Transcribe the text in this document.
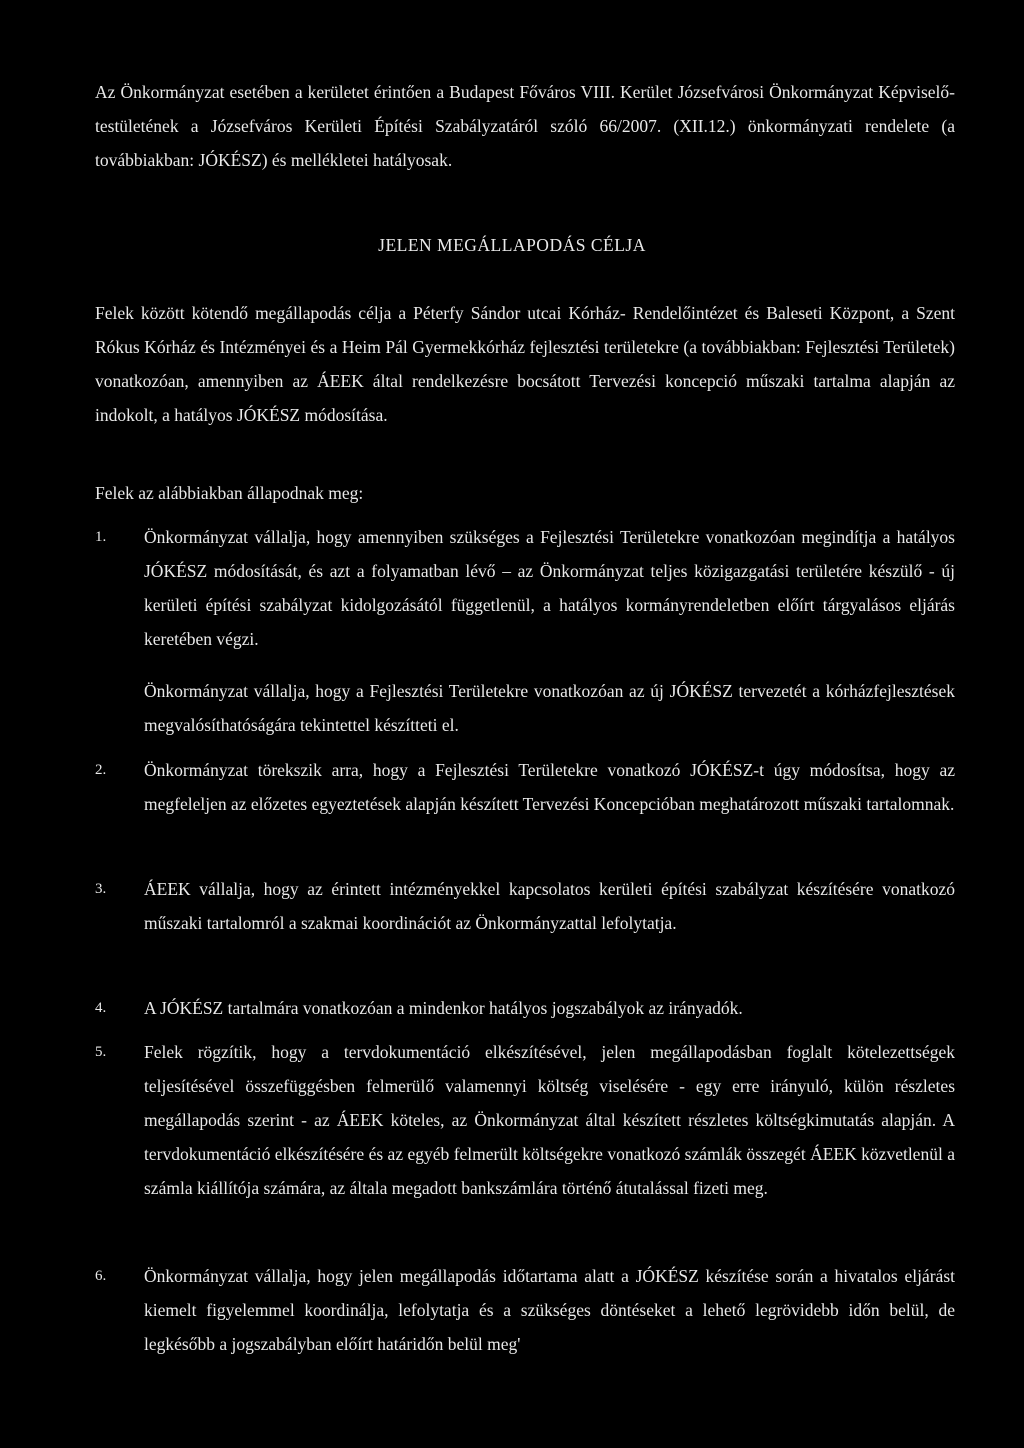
Az Önkormányzat esetében a kerületet érintően a Budapest Főváros VIII. Kerület Józsefvárosi Önkormányzat Képviselő-testületének a Józsefváros Kerületi Építési Szabályzatáról szóló 66/2007. (XII.12.) önkormányzati rendelete (a továbbiakban: JÓKÉSZ) és mellékletei hatályosak.

JELEN MEGÁLLAPODÁS CÉLJA

Felek között kötendő megállapodás célja a Péterfy Sándor utcai Kórház- Rendelőintézet és Baleseti Központ, a Szent Rókus Kórház és Intézményei és a Heim Pál Gyermekkórház fejlesztési területekre (a továbbiakban: Fejlesztési Területek) vonatkozóan, amennyiben az ÁEEK által rendelkezésre bocsátott Tervezési koncepció műszaki tartalma alapján az indokolt, a hatályos JÓKÉSZ módosítása.

Felek az alábbiakban állapodnak meg:

1.	Önkormányzat vállalja, hogy amennyiben szükséges a Fejlesztési Területekre vonatkozóan megindítja a hatályos JÓKÉSZ módosítását, és azt a folyamatban lévő – az Önkormányzat teljes közigazgatási területére készülő - új kerületi építési szabályzat kidolgozásától függetlenül, a hatályos kormányrendeletben előírt tárgyalásos eljárás keretében végzi.

Önkormányzat vállalja, hogy a Fejlesztési Területekre vonatkozóan az új JÓKÉSZ tervezetét a kórházfejlesztések megvalósíthatóságára tekintettel készítteti el.

2.	Önkormányzat törekszik arra, hogy a Fejlesztési Területekre vonatkozó JÓKÉSZ-t úgy módosítsa, hogy az megfeleljen az előzetes egyeztetések alapján készített Tervezési Koncepcióban meghatározott műszaki tartalomnak.

3.	ÁEEK vállalja, hogy az érintett intézményekkel kapcsolatos kerületi építési szabályzat készítésére vonatkozó műszaki tartalomról a szakmai koordinációt az Önkormányzattal lefolytatja.

4.	A JÓKÉSZ tartalmára vonatkozóan a mindenkor hatályos jogszabályok az irányadók.

5.	Felek rögzítik, hogy a tervdokumentáció elkészítésével, jelen megállapodásban foglalt kötelezettségek teljesítésével összefüggésben felmerülő valamennyi költség viselésére - egy erre irányuló, külön részletes megállapodás szerint - az ÁEEK köteles, az Önkormányzat által készített részletes költségkimutatás alapján. A tervdokumentáció elkészítésére és az egyéb felmerült költségekre vonatkozó számlák összegét ÁEEK közvetlenül a számla kiállítója számára, az általa megadott bankszámlára történő átutalással fizeti meg.

6.	Önkormányzat vállalja, hogy jelen megállapodás időtartama alatt a JÓKÉSZ készítése során a hivatalos eljárást kiemelt figyelemmel koordinálja, lefolytatja és a szükséges döntéseket a lehető legrövidebb időn belül, de legkésőbb a jogszabályban előírt határidőn belül meg'
